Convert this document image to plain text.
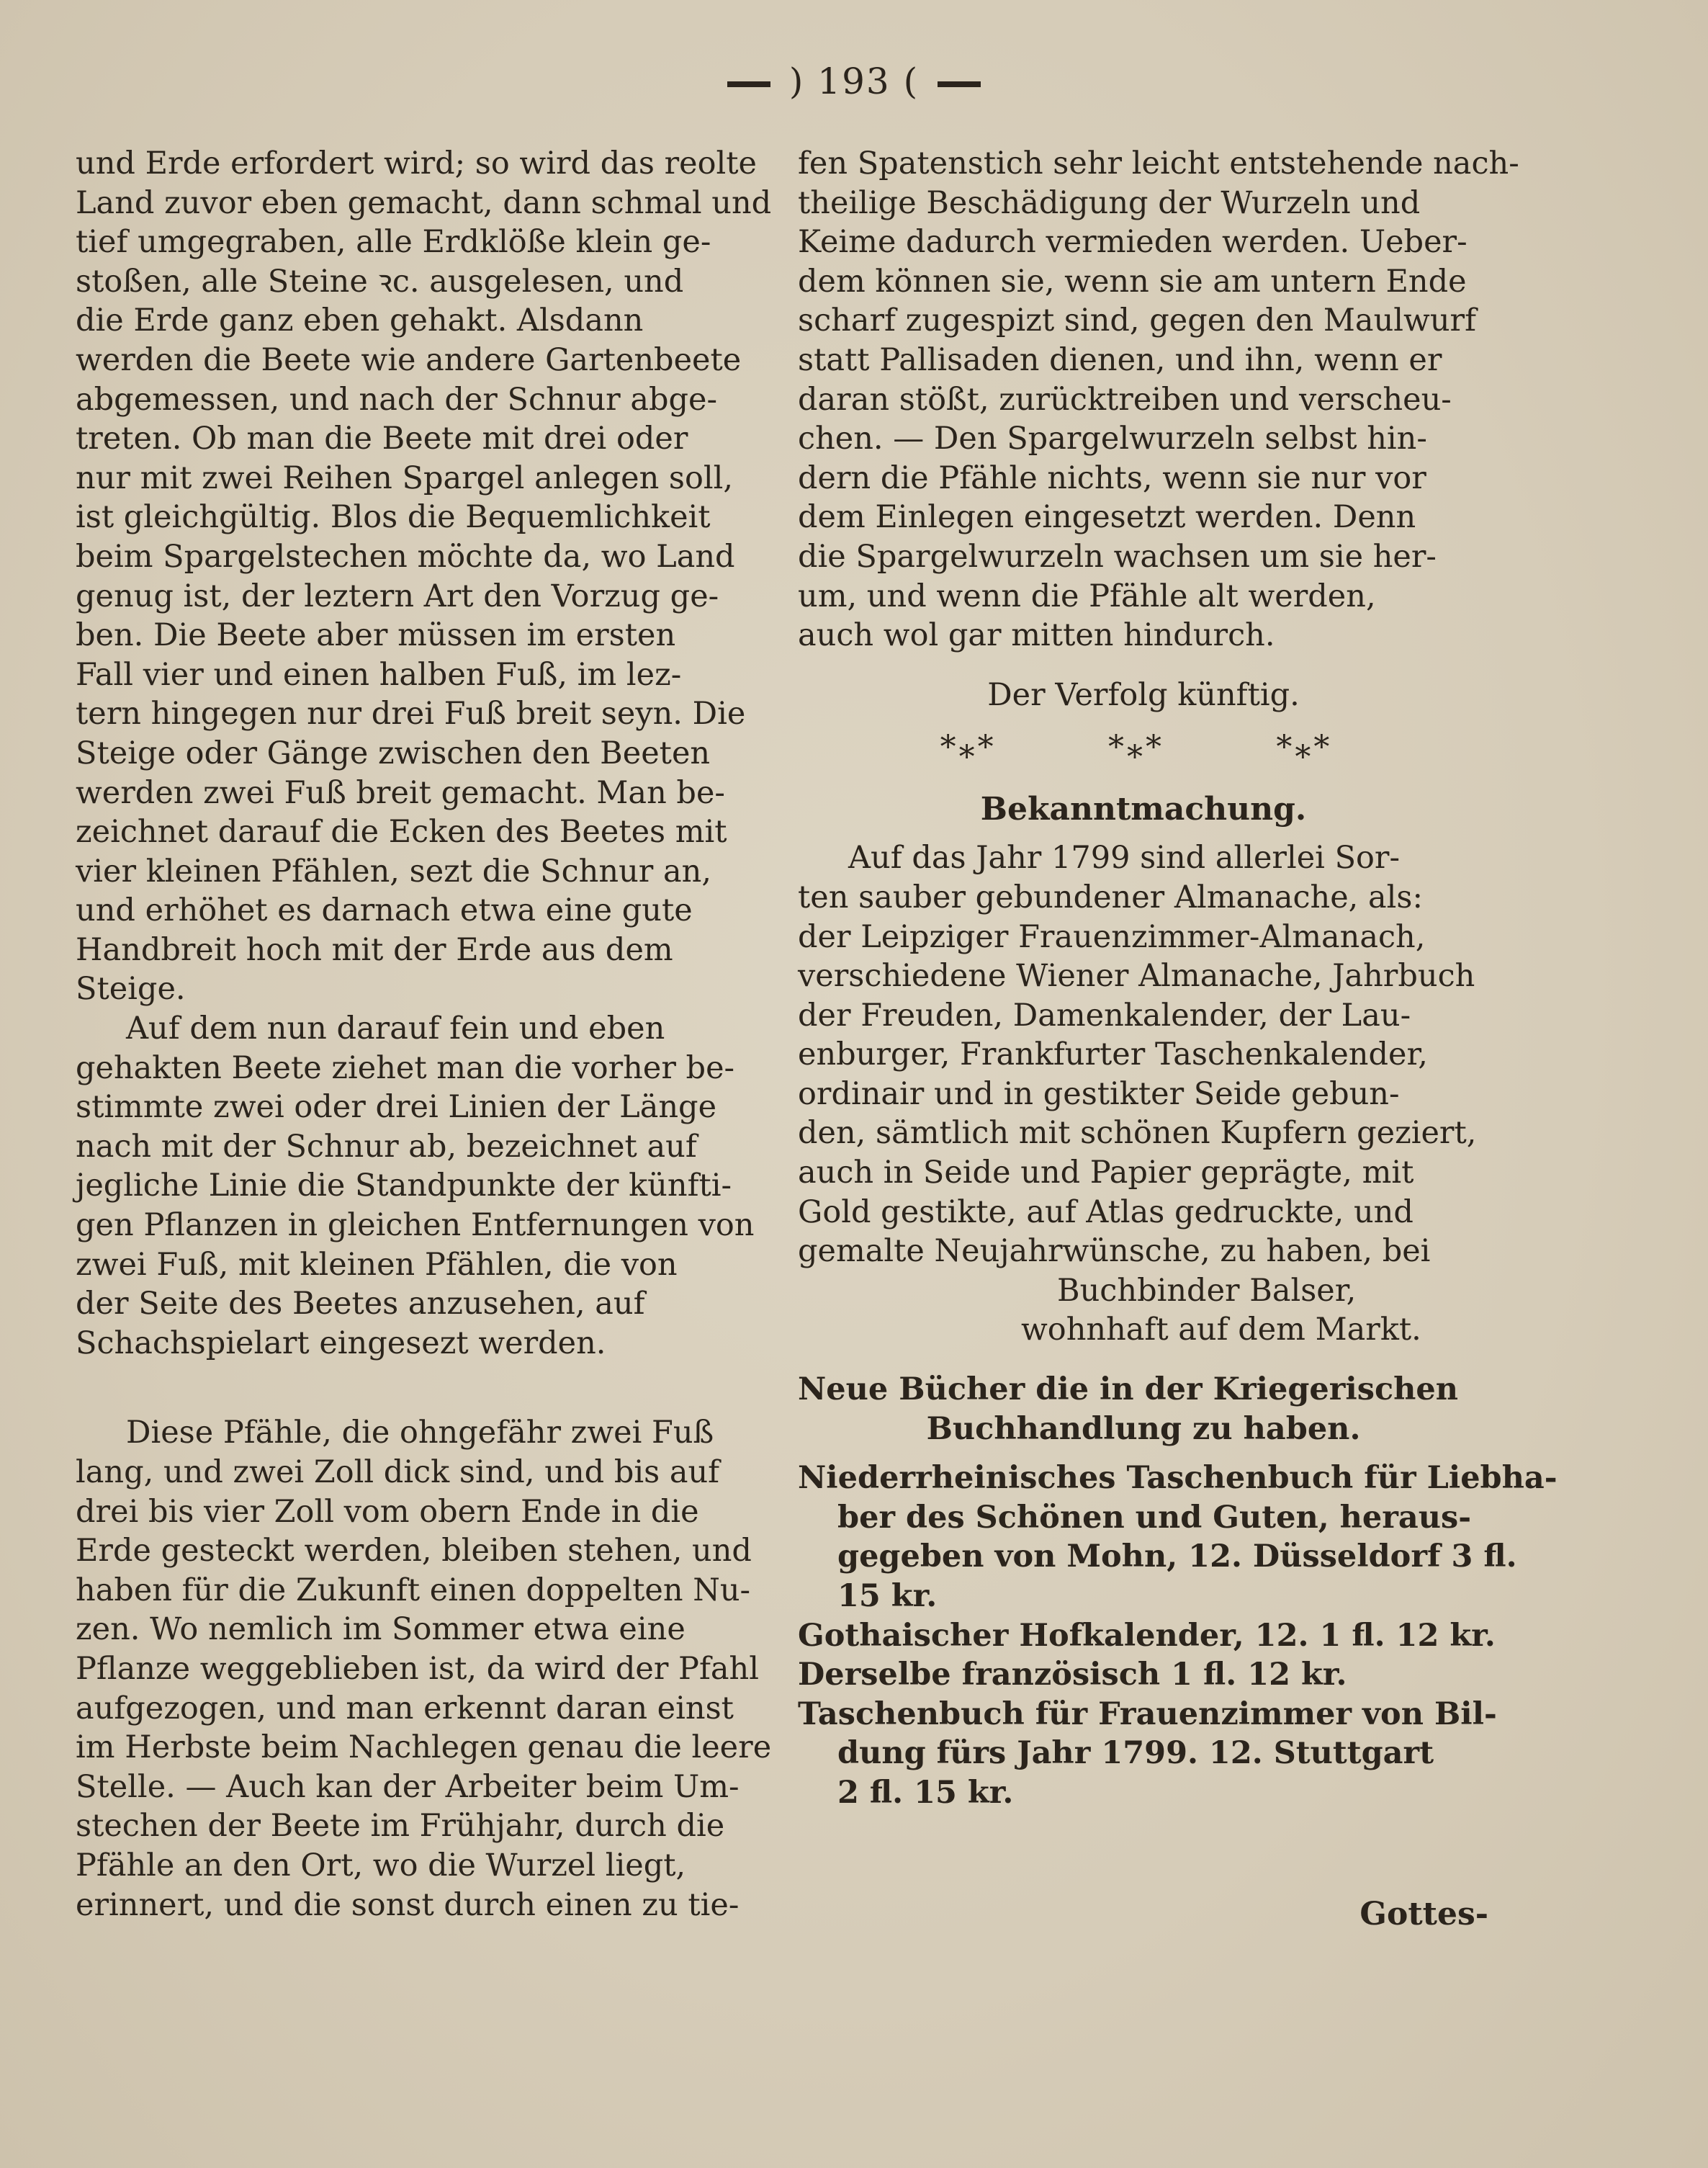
) 193 (
und Erde erfordert wird; so wird das reolte
Land zuvor eben gemacht, dann schmal und
tief umgegraben, alle Erdklöße klein ge-
stoßen, alle Steine ꝛc. ausgelesen, und
die Erde ganz eben gehakt. Alsdann
werden die Beete wie andere Gartenbeete
abgemessen, und nach der Schnur abge-
treten. Ob man die Beete mit drei oder
nur mit zwei Reihen Spargel anlegen soll,
ist gleichgültig. Blos die Bequemlichkeit
beim Spargelstechen möchte da, wo Land
genug ist, der leztern Art den Vorzug ge-
ben. Die Beete aber müssen im ersten
Fall vier und einen halben Fuß, im lez-
tern hingegen nur drei Fuß breit seyn. Die
Steige oder Gänge zwischen den Beeten
werden zwei Fuß breit gemacht. Man be-
zeichnet darauf die Ecken des Beetes mit
vier kleinen Pfählen, sezt die Schnur an,
und erhöhet es darnach etwa eine gute
Handbreit hoch mit der Erde aus dem
Steige.
Auf dem nun darauf fein und eben
gehakten Beete ziehet man die vorher be-
stimmte zwei oder drei Linien der Länge
nach mit der Schnur ab, bezeichnet auf
jegliche Linie die Standpunkte der künfti-
gen Pflanzen in gleichen Entfernungen von
zwei Fuß, mit kleinen Pfählen, die von
der Seite des Beetes anzusehen, auf
Schachspielart eingesezt werden.
Diese Pfähle, die ohngefähr zwei Fuß
lang, und zwei Zoll dick sind, und bis auf
drei bis vier Zoll vom obern Ende in die
Erde gesteckt werden, bleiben stehen, und
haben für die Zukunft einen doppelten Nu-
zen. Wo nemlich im Sommer etwa eine
Pflanze weggeblieben ist, da wird der Pfahl
aufgezogen, und man erkennt daran einst
im Herbste beim Nachlegen genau die leere
Stelle. — Auch kan der Arbeiter beim Um-
stechen der Beete im Frühjahr, durch die
Pfähle an den Ort, wo die Wurzel liegt,
erinnert, und die sonst durch einen zu tie-
fen Spatenstich sehr leicht entstehende nach-
theilige Beschädigung der Wurzeln und
Keime dadurch vermieden werden. Ueber-
dem können sie, wenn sie am untern Ende
scharf zugespizt sind, gegen den Maulwurf
statt Pallisaden dienen, und ihn, wenn er
daran stößt, zurücktreiben und verscheu-
chen. — Den Spargelwurzeln selbst hin-
dern die Pfähle nichts, wenn sie nur vor
dem Einlegen eingesetzt werden. Denn
die Spargelwurzeln wachsen um sie her-
um, und wenn die Pfähle alt werden,
auch wol gar mitten hindurch.
Der Verfolg künftig.
*⁎*	*⁎*	*⁎*
Bekanntmachung.
Auf das Jahr 1799 sind allerlei Sor-
ten sauber gebundener Almanache, als:
der Leipziger Frauenzimmer-Almanach,
verschiedene Wiener Almanache, Jahrbuch
der Freuden, Damenkalender, der Lau-
enburger, Frankfurter Taschenkalender,
ordinair und in gestikter Seide gebun-
den, sämtlich mit schönen Kupfern geziert,
auch in Seide und Papier geprägte, mit
Gold gestikte, auf Atlas gedruckte, und
gemalte Neujahrwünsche, zu haben, bei
Buchbinder Balser,
wohnhaft auf dem Markt.
Neue Bücher die in der Kriegerischen
Buchhandlung zu haben.
Niederrheinisches Taschenbuch für Liebha-
ber des Schönen und Guten, heraus-
gegeben von Mohn, 12. Düsseldorf 3 fl.
15 kr.
Gothaischer Hofkalender, 12. 1 fl. 12 kr.
Derselbe französisch 1 fl. 12 kr.
Taschenbuch für Frauenzimmer von Bil-
dung fürs Jahr 1799. 12. Stuttgart
2 fl. 15 kr.
Gottes-
